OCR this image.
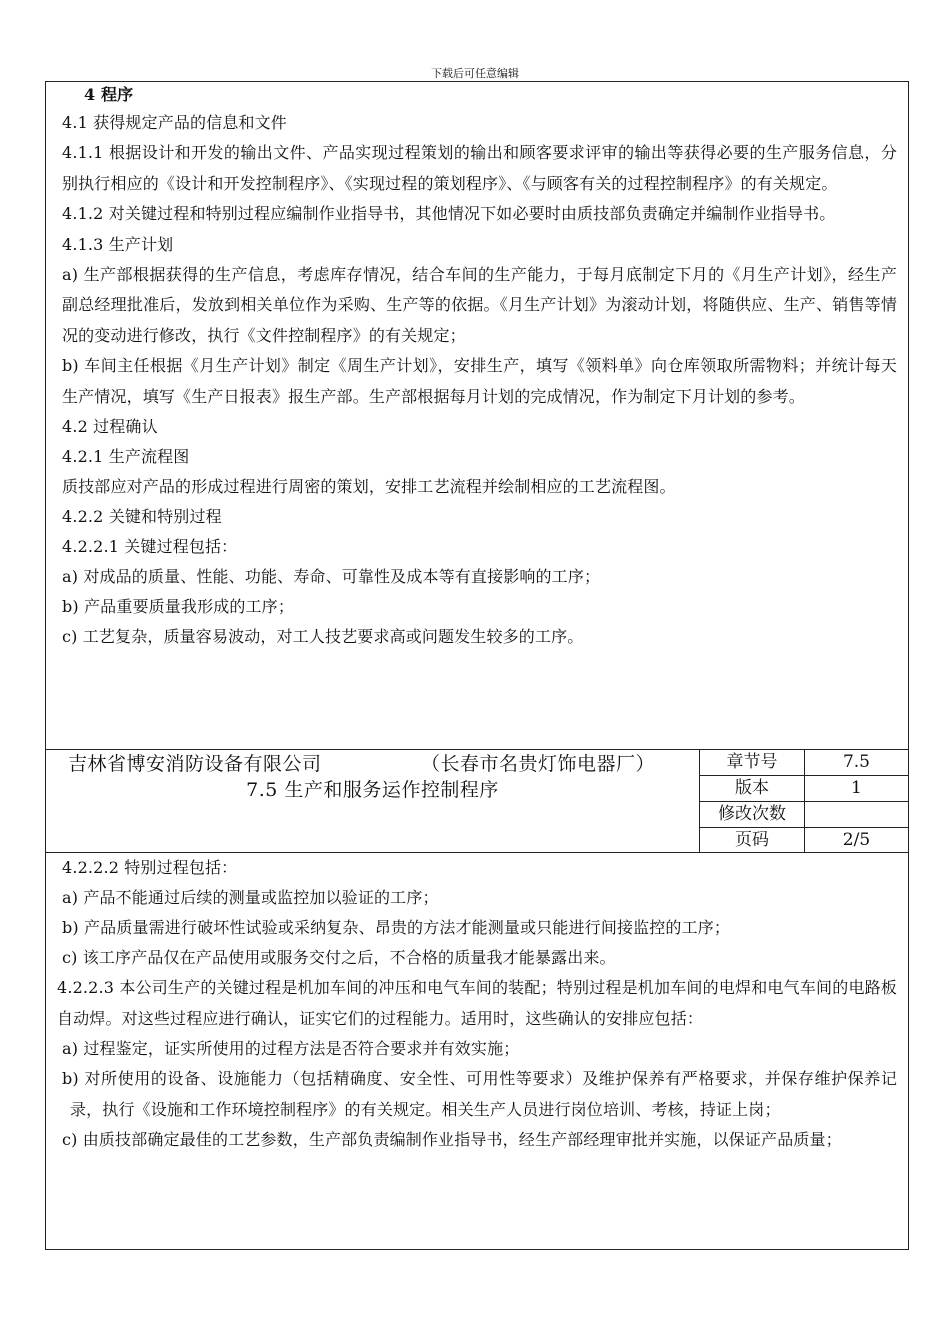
下载后可任意编辑

4 程序

4.1 获得规定产品的信息和文件

4.1.1 根据设计和开发的输出文件、产品实现过程策划的输出和顾客要求评审的输出等获得必要的生产服务信息，分别执行相应的《设计和开发控制程序》、《实现过程的策划程序》、《与顾客有关的过程控制程序》的有关规定。

4.1.2 对关键过程和特别过程应编制作业指导书，其他情况下如必要时由质技部负责确定并编制作业指导书。

4.1.3 生产计划

a) 生产部根据获得的生产信息，考虑库存情况，结合车间的生产能力，于每月底制定下月的《月生产计划》，经生产副总经理批准后，发放到相关单位作为采购、生产等的依据。《月生产计划》为滚动计划，将随供应、生产、销售等情况的变动进行修改，执行《文件控制程序》的有关规定；

b) 车间主任根据《月生产计划》制定《周生产计划》，安排生产，填写《领料单》向仓库领取所需物料；并统计每天生产情况，填写《生产日报表》报生产部。生产部根据每月计划的完成情况，作为制定下月计划的参考。

4.2 过程确认

4.2.1 生产流程图

质技部应对产品的形成过程进行周密的策划，安排工艺流程并绘制相应的工艺流程图。

4.2.2 关键和特别过程

4.2.2.1 关键过程包括：

a) 对成品的质量、性能、功能、寿命、可靠性及成本等有直接影响的工序；

b) 产品重要质量我形成的工序；

c) 工艺复杂，质量容易波动，对工人技艺要求高或问题发生较多的工序。

吉林省博安消防设备有限公司	（长春市名贵灯饰电器厂）
7.5 生产和服务运作控制程序
章节号	7.5
版本	1
修改次数	
页码	2/5

4.2.2.2 特别过程包括：

a) 产品不能通过后续的测量或监控加以验证的工序；

b) 产品质量需进行破坏性试验或采纳复杂、昂贵的方法才能测量或只能进行间接监控的工序；

c) 该工序产品仅在产品使用或服务交付之后，不合格的质量我才能暴露出来。

4.2.2.3 本公司生产的关键过程是机加车间的冲压和电气车间的装配；特别过程是机加车间的电焊和电气车间的电路板自动焊。对这些过程应进行确认，证实它们的过程能力。适用时，这些确认的安排应包括：

a) 过程鉴定，证实所使用的过程方法是否符合要求并有效实施；

b) 对所使用的设备、设施能力（包括精确度、安全性、可用性等要求）及维护保养有严格要求，并保存维护保养记录，执行《设施和工作环境控制程序》的有关规定。相关生产人员进行岗位培训、考核，持证上岗；

c) 由质技部确定最佳的工艺参数，生产部负责编制作业指导书，经生产部经理审批并实施，以保证产品质量；
